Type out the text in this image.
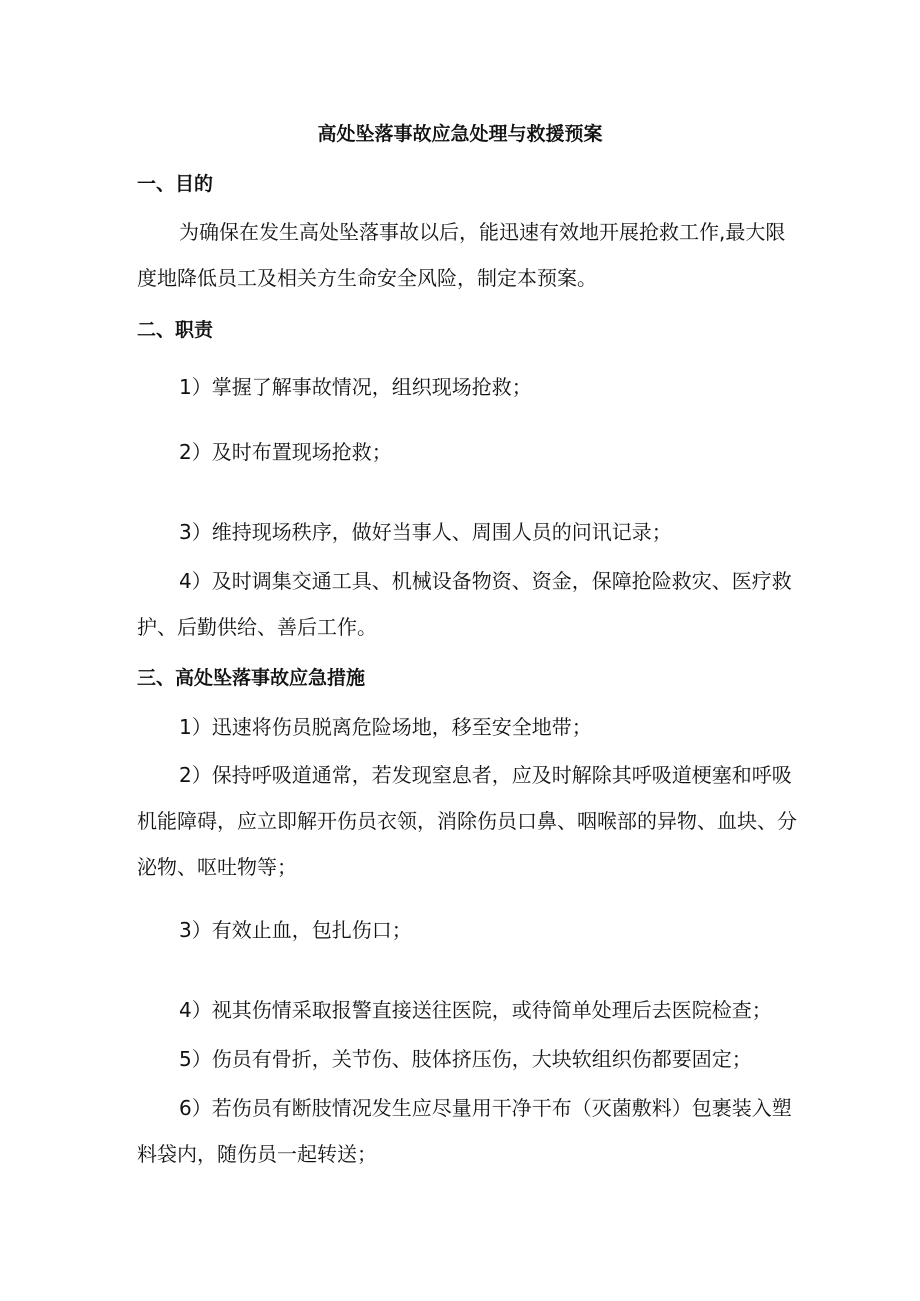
高处坠落事故应急处理与救援预案
一、目的

为确保在发生高处坠落事故以后，能迅速有效地开展抢救工作,最大限度地降低员工及相关方生命安全风险，制定本预案。

二、职责

1）掌握了解事故情况，组织现场抢救；

2）及时布置现场抢救；

3）维持现场秩序，做好当事人、周围人员的问讯记录；

4）及时调集交通工具、机械设备物资、资金，保障抢险救灾、医疗救护、后勤供给、善后工作。

三、高处坠落事故应急措施

1）迅速将伤员脱离危险场地，移至安全地带；

2）保持呼吸道通常，若发现窒息者，应及时解除其呼吸道梗塞和呼吸机能障碍，应立即解开伤员衣领，消除伤员口鼻、咽喉部的异物、血块、分泌物、呕吐物等；

3）有效止血，包扎伤口；

4）视其伤情采取报警直接送往医院，或待简单处理后去医院检查；

5）伤员有骨折，关节伤、肢体挤压伤，大块软组织伤都要固定；

6）若伤员有断肢情况发生应尽量用干净干布（灭菌敷料）包裹装入塑料袋内，随伤员一起转送；
